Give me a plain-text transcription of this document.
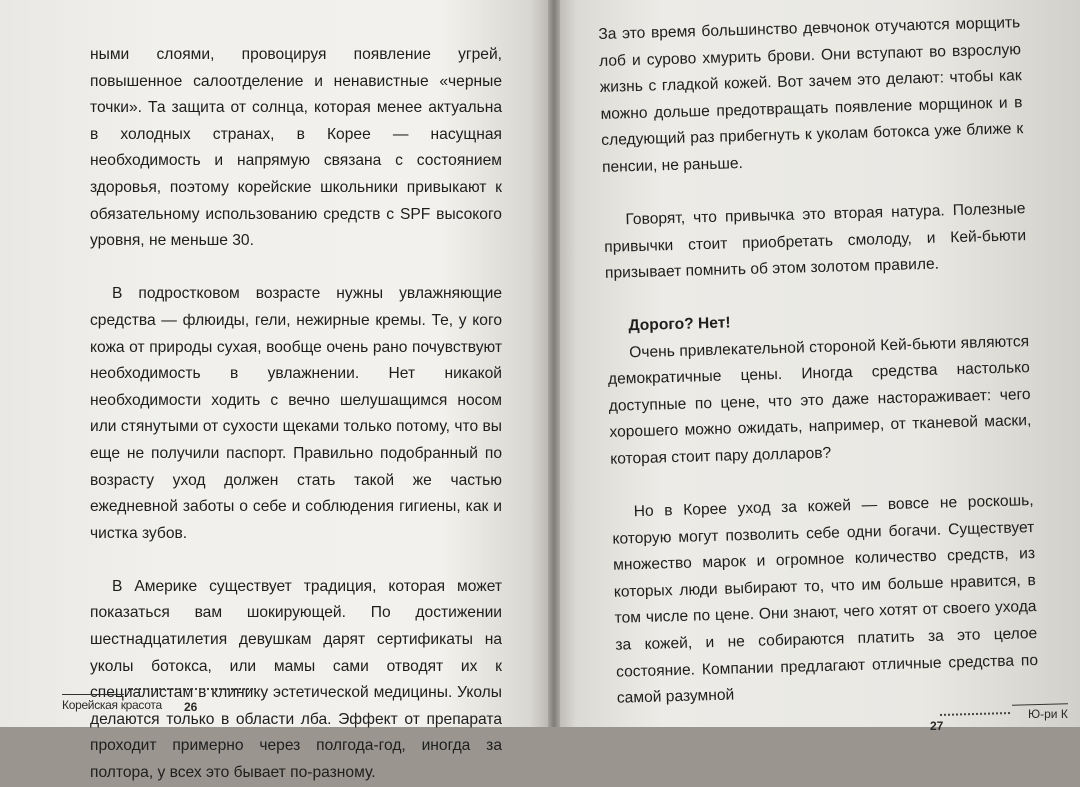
ными слоями, провоцируя появление угрей, повышенное салоотделение и ненавистные «черные точки». Та защита от солнца, которая менее актуальна в холодных странах, в Корее — насущная необходимость и напрямую связана с состоянием здоровья, поэтому корейские школьники привыкают к обязательному использованию средств с SPF высокого уровня, не меньше 30.

В подростковом возрасте нужны увлажняющие средства — флюиды, гели, нежирные кремы. Те, у кого кожа от природы сухая, вообще очень рано почувствуют необходимость в увлажнении. Нет никакой необходимости ходить с вечно шелушащимся носом или стянутыми от сухости щеками только потому, что вы еще не получили паспорт. Правильно подобранный по возрасту уход должен стать такой же частью ежедневной заботы о себе и соблюдения гигиены, как и чистка зубов.

В Америке существует традиция, которая может показаться вам шокирующей. По достижении шестнадцатилетия девушкам дарят сертификаты на уколы ботокса, или мамы сами отводят их к специалистам в клинику эстетической медицины. Уколы делаются только в области лба. Эффект от препарата проходит примерно через полгода-год, иногда за полтора, у всех это бывает по-разному.

За это время большинство девчонок отучаются морщить лоб и сурово хмурить брови. Они вступают во взрослую жизнь с гладкой кожей. Вот зачем это делают: чтобы как можно дольше предотвращать появление морщинок и в следующий раз прибегнуть к уколам ботокса уже ближе к пенсии, не раньше.

Говорят, что привычка это вторая натура. Полезные привычки стоит приобретать смолоду, и Кей-бьюти призывает помнить об этом золотом правиле.

Дорого? Нет!

Очень привлекательной стороной Кей-бьюти являются демократичные цены. Иногда средства настолько доступные по цене, что это даже настораживает: чего хорошего можно ожидать, например, от тканевой маски, которая стоит пару долларов?

Но в Корее уход за кожей — вовсе не роскошь, которую могут позволить себе одни богачи. Существует множество марок и огромное количество средств, из которых люди выбирают то, что им больше нравится, в том числе по цене. Они знают, чего хотят от своего ухода за кожей, и не собираются платить за это целое состояние. Компании предлагают отличные средства по самой разумной

Корейская красота 26	Ю-ри К
27
